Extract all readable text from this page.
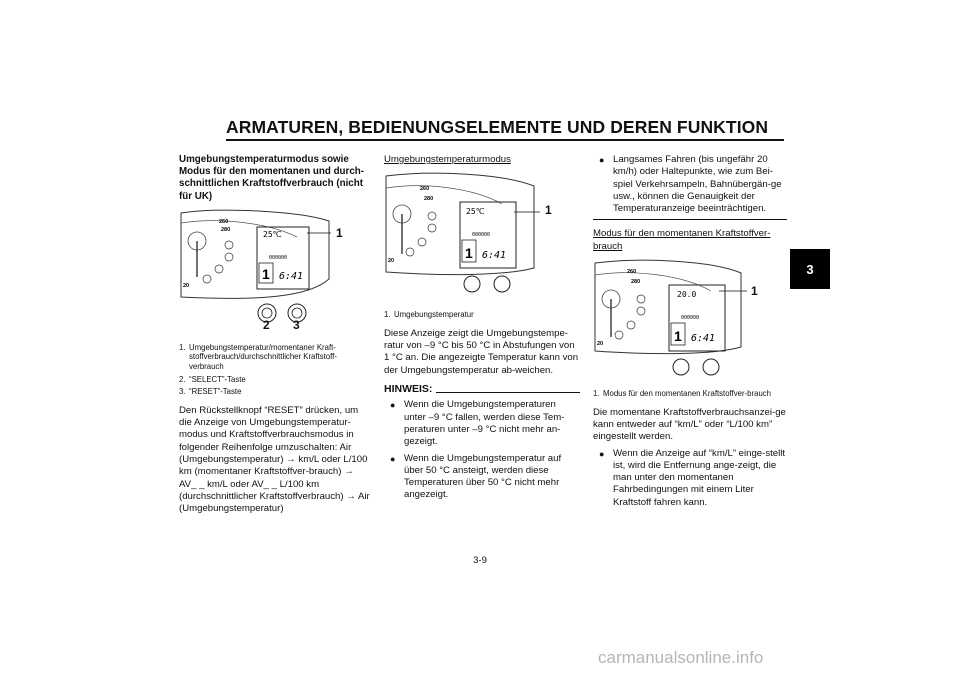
ARMATUREN, BEDIENUNGSELEMENTE UND DEREN FUNKTION
3
Umgebungstemperaturmodus sowie Modus für den momentanen und durch-schnittlichen Kraftstoffverbrauch (nicht für UK)
260
280
20
25℃
000000
1 6:41
1
2 3
1. Umgebungstemperatur/momentaner Kraft-stoffverbrauch/durchschnittlicher Kraftstoff-verbrauch
2. “SELECT”-Taste
3. “RESET”-Taste

Den Rückstellknopf “RESET” drücken, um die Anzeige von Umgebungstemperatur-modus und Kraftstoffverbrauchsmodus in folgender Reihenfolge umzuschalten: Air (Umgebungstemperatur) → km/L oder L/100 km (momentaner Kraftstoffver-brauch) → AV_ _ km/L oder AV_ _ L/100 km (durchschnittlicher Kraftstoffverbrauch) → Air (Umgebungstemperatur)

Umgebungstemperaturmodus
260
280
20
25℃
000000
1 6:41
1
1. Umgebungstemperatur

Diese Anzeige zeigt die Umgebungstempe-ratur von –9 °C bis 50 °C in Abstufungen von 1 °C an. Die angezeigte Temperatur kann von der Umgebungstemperatur ab-weichen.

HINWEIS:
● Wenn die Umgebungstemperaturen unter –9 °C fallen, werden diese Tem-peraturen unter –9 °C nicht mehr an-gezeigt.
● Wenn die Umgebungstemperatur auf über 50 °C ansteigt, werden diese Temperaturen über 50 °C nicht mehr angezeigt.
● Langsames Fahren (bis ungefähr 20 km/h) oder Haltepunkte, wie zum Bei-spiel Verkehrsampeln, Bahnübergän-ge usw., können die Genauigkeit der Temperaturanzeige beeinträchtigen.
Modus für den momentanen Kraftstoffver-brauch
260
280
20
20.0
000000
1 6:41
1
1. Modus für den momentanen Kraftstoffver-brauch

Die momentane Kraftstoffverbrauchsanzei-ge kann entweder auf “km/L” oder “L/100 km” eingestellt werden.

● Wenn die Anzeige auf “km/L” einge-stellt ist, wird die Entfernung ange-zeigt, die man unter den momentanen Fahrbedingungen mit einem Liter Kraftstoff fahren kann.
3-9
carmanualsonline.info
